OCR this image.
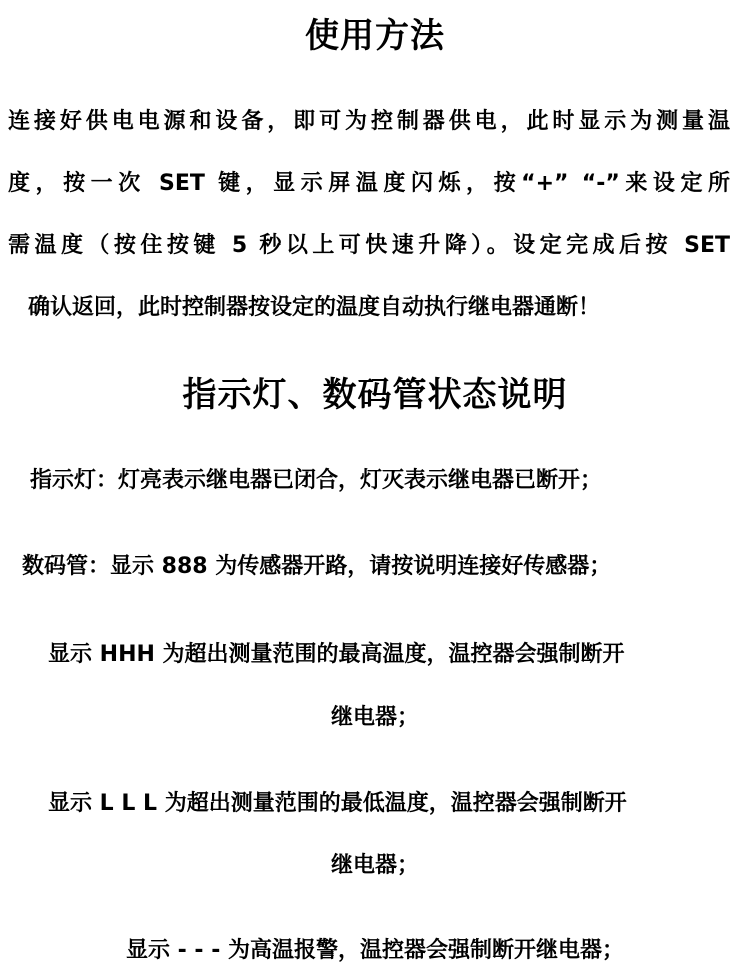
使用方法
连接好供电电源和设备，即可为控制器供电，此时显示为测量温
度，按一次 SET 键，显示屏温度闪烁，按“+” “-”来设定所
需温度（按住按键 5 秒以上可快速升降）。设定完成后按 SET
确认返回，此时控制器按设定的温度自动执行继电器通断！
指示灯、数码管状态说明
指示灯：灯亮表示继电器已闭合，灯灭表示继电器已断开；
数码管：显示 888 为传感器开路，请按说明连接好传感器；
显示 HHH 为超出测量范围的最高温度，温控器会强制断开
继电器；
显示 L L L 为超出测量范围的最低温度，温控器会强制断开
继电器；
显示 - - - 为高温报警，温控器会强制断开继电器；
